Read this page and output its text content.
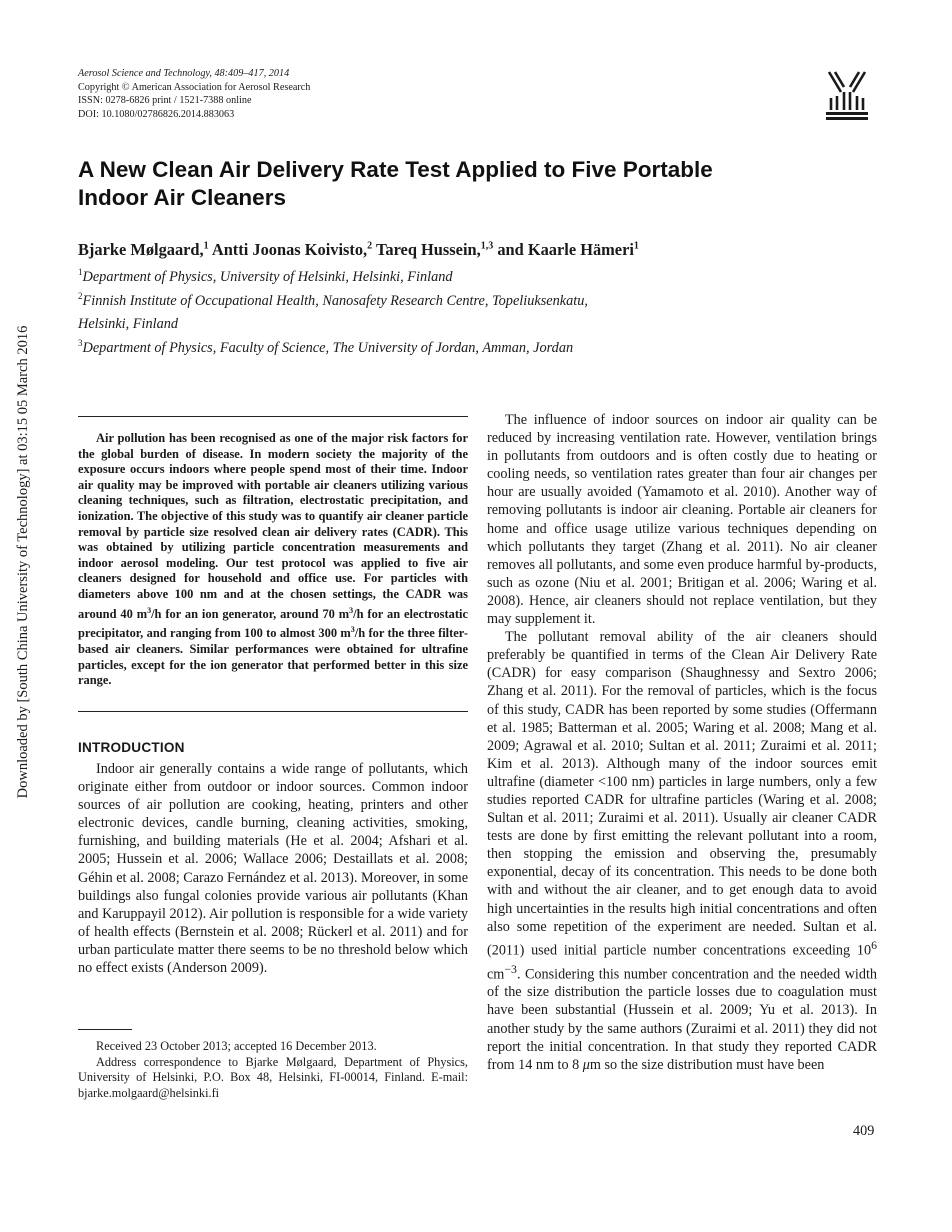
Aerosol Science and Technology, 48:409–417, 2014
Copyright © American Association for Aerosol Research
ISSN: 0278-6826 print / 1521-7388 online
DOI: 10.1080/02786826.2014.883063
A New Clean Air Delivery Rate Test Applied to Five Portable
Indoor Air Cleaners
Bjarke Mølgaard,$^1$ Antti Joonas Koivisto,$^2$ Tareq Hussein,$^{1,3}$ and Kaarle Hämeri$^1$
$^1$Department of Physics, University of Helsinki, Helsinki, Finland
$^2$Finnish Institute of Occupational Health, Nanosafety Research Centre, Topeliuksenkatu,
Helsinki, Finland
$^3$Department of Physics, Faculty of Science, The University of Jordan, Amman, Jordan
Downloaded by [South China University of Technology] at 03:15 05 March 2016	Air pollution has been recognised as one of the major risk factors for the global burden of disease. In modern society the majority of the exposure occurs indoors where people spend most of their time. Indoor air quality may be improved with portable air cleaners utilizing various cleaning techniques, such as filtration, electrostatic precipitation, and ionization. The objective of this study was to quantify air cleaner particle removal by particle size resolved clean air delivery rates (CADR). This was obtained by utilizing particle concentration measurements and indoor aerosol modeling. Our test protocol was applied to five air cleaners designed for household and office use. For particles with diameters above 100 nm and at the chosen settings, the CADR was around 40 $m^3/h$ for an ion generator, around 70 $m^3/h$ for an electrostatic precipitator, and ranging from 100 to almost 300 $m^3/h$ for the three filter-based air cleaners. Similar performances were obtained for ultrafine particles, except for the ion generator that performed better in this size range.
INTRODUCTION

Indoor air generally contains a wide range of pollutants, which originate either from outdoor or indoor sources. Common indoor sources of air pollution are cooking, heating, printers and other electronic devices, candle burning, cleaning activities, smoking, furnishing, and building materials (He et al. 2004; Afshari et al. 2005; Hussein et al. 2006; Wallace 2006; Destaillats et al. 2008; Géhin et al. 2008; Carazo Fernández et al. 2013). Moreover, in some buildings also fungal colonies provide various air pollutants (Khan and Karuppayil 2012). Air pollution is responsible for a wide variety of health effects (Bernstein et al. 2008; Rückerl et al. 2011) and for urban particulate matter there seems to be no threshold below which no effect exists (Anderson 2009).

Received 23 October 2013; accepted 16 December 2013.

Address correspondence to Bjarke Mølgaard, Department of Physics, University of Helsinki, P.O. Box 48, Helsinki, FI-00014, Finland. E-mail: bjarke.molgaard@helsinki.fi

The influence of indoor sources on indoor air quality can be reduced by increasing ventilation rate. However, ventilation brings in pollutants from outdoors and is often costly due to heating or cooling needs, so ventilation rates greater than four air changes per hour are usually avoided (Yamamoto et al. 2010). Another way of removing pollutants is indoor air cleaning. Portable air cleaners for home and office usage utilize various techniques depending on which pollutants they target (Zhang et al. 2011). No air cleaner removes all pollutants, and some even produce harmful by-products, such as ozone (Niu et al. 2001; Britigan et al. 2006; Waring et al. 2008). Hence, air cleaners should not replace ventilation, but they may supplement it.

The pollutant removal ability of the air cleaners should preferably be quantified in terms of the Clean Air Delivery Rate (CADR) for easy comparison (Shaughnessy and Sextro 2006; Zhang et al. 2011). For the removal of particles, which is the focus of this study, CADR has been reported by some studies (Offermann et al. 1985; Batterman et al. 2005; Waring et al. 2008; Mang et al. 2009; Agrawal et al. 2010; Sultan et al. 2011; Zuraimi et al. 2011; Kim et al. 2013). Although many of the indoor sources emit ultrafine (diameter <100 nm) particles in large numbers, only a few studies reported CADR for ultrafine particles (Waring et al. 2008; Sultan et al. 2011; Zuraimi et al. 2011). Usually air cleaner CADR tests are done by first emitting the relevant pollutant into a room, then stopping the emission and observing the, presumably exponential, decay of its concentration. This needs to be done both with and without the air cleaner, and to get enough data to avoid high uncertainties in the results high initial concentrations and often also some repetition of the experiment are needed. Sultan et al. (2011) used initial particle number concentrations exceeding $10^6$ $cm^{-3}$. Considering this number concentration and the needed width of the size distribution the particle losses due to coagulation must have been substantial (Hussein et al. 2009; Yu et al. 2013). In another study by the same authors (Zuraimi et al. 2011) they did not report the initial concentration. In that study they reported CADR from 14 nm to 8 μm so the size distribution must have been

409
